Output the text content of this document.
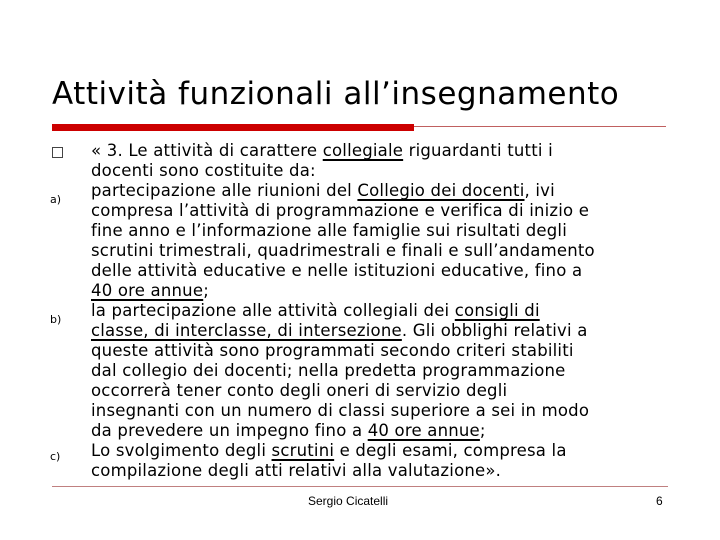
Attività funzionali all’insegnamento
a)
b)
c)
« 3. Le attività di carattere collegiale riguardanti tutti i
docenti sono costituite da:
partecipazione alle riunioni del Collegio dei docenti, ivi
compresa l’attività di programmazione e verifica di inizio e
fine anno e l’informazione alle famiglie sui risultati degli
scrutini trimestrali, quadrimestrali e finali e sull’andamento
delle attività educative e nelle istituzioni educative, fino a
40 ore annue;
la partecipazione alle attività collegiali dei consigli di
classe, di interclasse, di intersezione. Gli obblighi relativi a
queste attività sono programmati secondo criteri stabiliti
dal collegio dei docenti; nella predetta programmazione
occorrerà tener conto degli oneri di servizio degli
insegnanti con un numero di classi superiore a sei in modo
da prevedere un impegno fino a 40 ore annue;
Lo svolgimento degli scrutini e degli esami, compresa la
compilazione degli atti relativi alla valutazione».
Sergio Cicatelli	6
